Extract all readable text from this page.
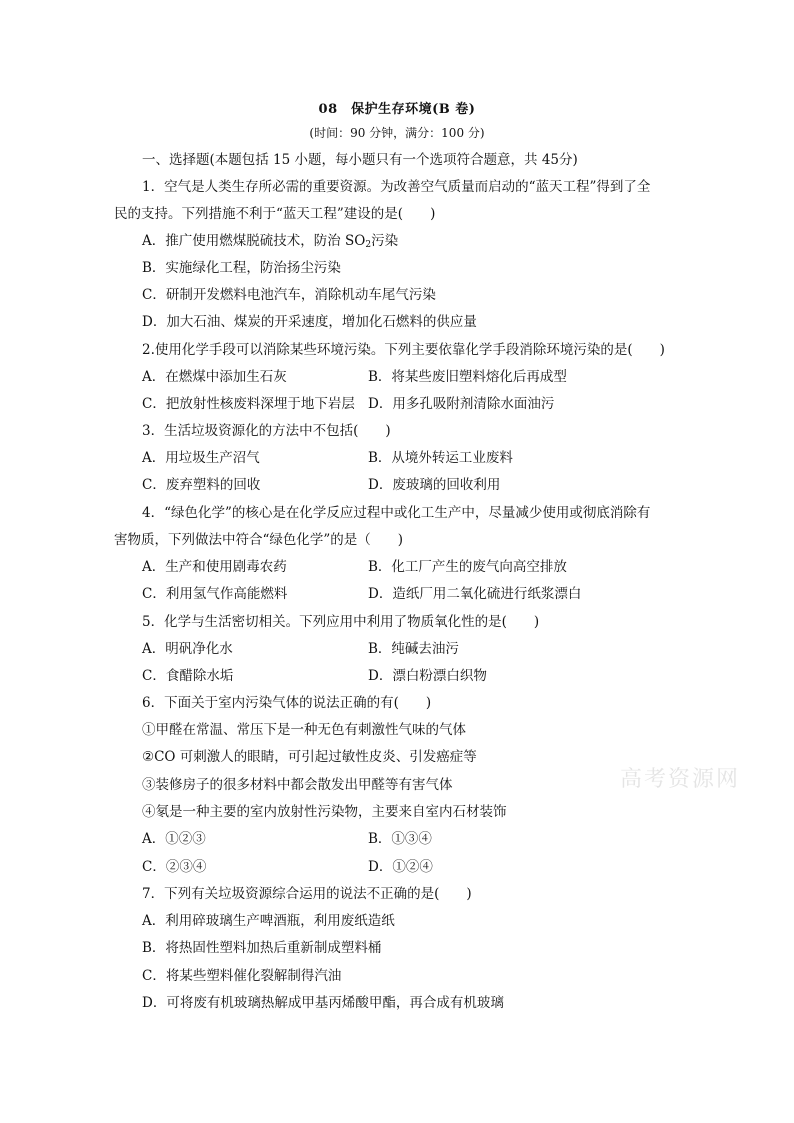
08　保护生存环境(B 卷)
(时间：90 分钟，满分：100 分)
一、选择题(本题包括 15 小题，每小题只有一个选项符合题意，共 45分)
1．空气是人类生存所必需的重要资源。为改善空气质量而启动的“蓝天工程”得到了全
民的支持。下列措施不利于“蓝天工程”建设的是(　　)
A．推广使用燃煤脱硫技术，防治 $SO_2$污染
B．实施绿化工程，防治扬尘污染
C．研制开发燃料电池汽车，消除机动车尾气污染
D．加大石油、煤炭的开采速度，增加化石燃料的供应量
2.使用化学手段可以消除某些环境污染。下列主要依靠化学手段消除环境污染的是(　　)
A．在燃煤中添加生石灰	B．将某些废旧塑料熔化后再成型
C．把放射性核废料深埋于地下岩层 D．用多孔吸附剂清除水面油污
3．生活垃圾资源化的方法中不包括(　　)
A．用垃圾生产沼气	B．从境外转运工业废料
C．废弃塑料的回收	D．废玻璃的回收利用
4．“绿色化学”的核心是在化学反应过程中或化工生产中，尽量减少使用或彻底消除有
害物质，下列做法中符合“绿色化学”的是（　　)
A．生产和使用剧毒农药	B．化工厂产生的废气向高空排放
C．利用氢气作高能燃料	D．造纸厂用二氧化硫进行纸浆漂白
5．化学与生活密切相关。下列应用中利用了物质氧化性的是(　　)
A．明矾净化水	B．纯碱去油污
C．食醋除水垢	D．漂白粉漂白织物
6．下面关于室内污染气体的说法正确的有(　　)
①甲醛在常温、常压下是一种无色有刺激性气味的气体
②CO 可刺激人的眼睛，可引起过敏性皮炎、引发癌症等
③装修房子的很多材料中都会散发出甲醛等有害气体
④氡是一种主要的室内放射性污染物，主要来自室内石材装饰
A．①②③	B．①③④
C．②③④	D．①②④
7．下列有关垃圾资源综合运用的说法不正确的是(　　)
A．利用碎玻璃生产啤酒瓶，利用废纸造纸
B．将热固性塑料加热后重新制成塑料桶
C．将某些塑料催化裂解制得汽油
D．可将废有机玻璃热解成甲基丙烯酸甲酯，再合成有机玻璃
高考资源网
